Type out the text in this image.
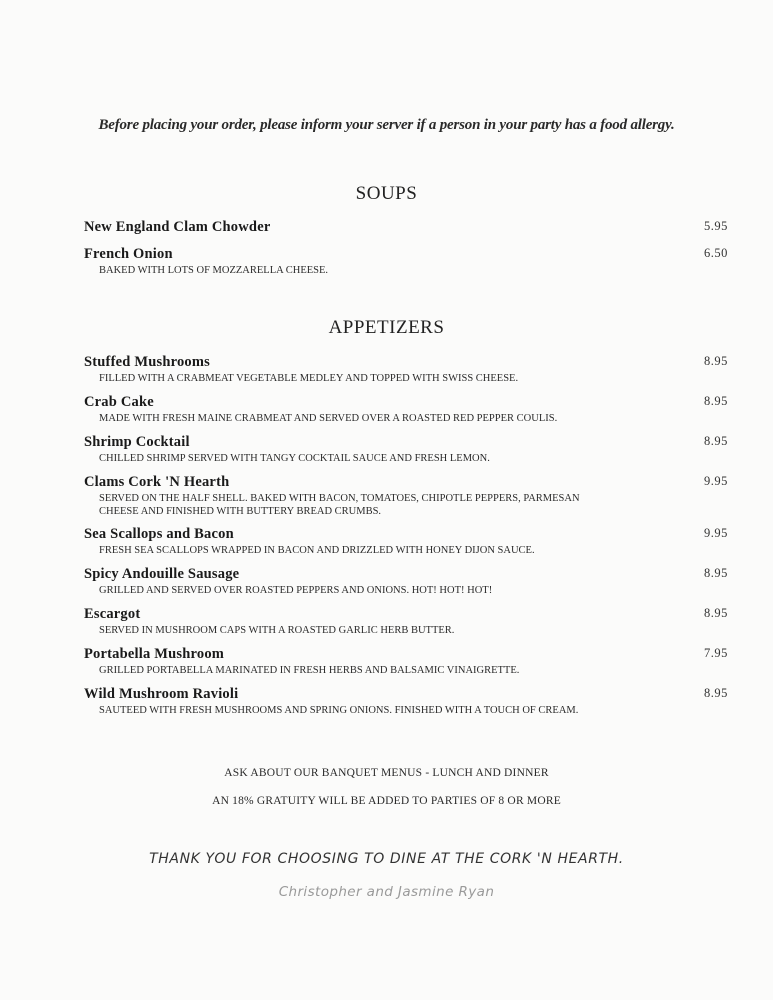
Before placing your order, please inform your server if a person in your party has a food allergy.
SOUPS
New England Clam Chowder	5.95
French Onion
BAKED WITH LOTS OF MOZZARELLA CHEESE.
6.50
APPETIZERS
Stuffed Mushrooms
FILLED WITH A CRABMEAT VEGETABLE MEDLEY AND TOPPED WITH SWISS CHEESE.
8.95
Crab Cake
MADE WITH FRESH MAINE CRABMEAT AND SERVED OVER A ROASTED RED PEPPER COULIS.
8.95
Shrimp Cocktail
CHILLED SHRIMP SERVED WITH TANGY COCKTAIL SAUCE AND FRESH LEMON.
8.95
Clams Cork 'N Hearth
SERVED ON THE HALF SHELL. BAKED WITH BACON, TOMATOES, CHIPOTLE PEPPERS, PARMESAN CHEESE AND FINISHED WITH BUTTERY BREAD CRUMBS.
9.95
Sea Scallops and Bacon
FRESH SEA SCALLOPS WRAPPED IN BACON AND DRIZZLED WITH HONEY DIJON SAUCE.
9.95
Spicy Andouille Sausage
GRILLED AND SERVED OVER ROASTED PEPPERS AND ONIONS. HOT! HOT! HOT!
8.95
Escargot
SERVED IN MUSHROOM CAPS WITH A ROASTED GARLIC HERB BUTTER.
8.95
Portabella Mushroom
GRILLED PORTABELLA MARINATED IN FRESH HERBS AND BALSAMIC VINAIGRETTE.
7.95
Wild Mushroom Ravioli
SAUTEED WITH FRESH MUSHROOMS AND SPRING ONIONS. FINISHED WITH A TOUCH OF CREAM.
8.95
ASK ABOUT OUR BANQUET MENUS - LUNCH AND DINNER
AN 18% GRATUITY WILL BE ADDED TO PARTIES OF 8 OR MORE
THANK YOU FOR CHOOSING TO DINE AT THE CORK 'N HEARTH.
Christopher and Jasmine Ryan
